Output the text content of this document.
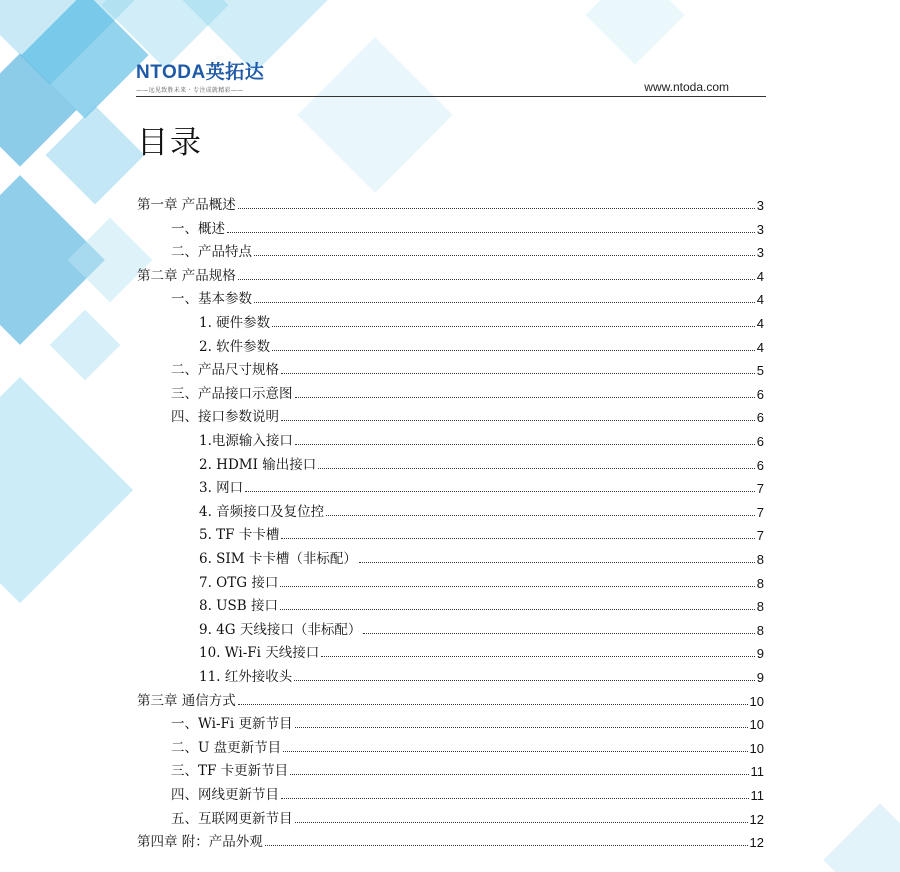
NTODA英拓达
——远见致胜未来 · 专注成就精彩——	www.ntoda.com
目录
第一章 产品概述	3
一、概述	3
二、产品特点	3
第二章 产品规格	4
一、基本参数	4
1. 硬件参数	4
2. 软件参数	4
二、产品尺寸规格	5
三、产品接口示意图	6
四、接口参数说明	6
1.电源输入接口	6
2. HDMI 输出接口	6
3. 网口	7
4. 音频接口及复位控	7
5. TF 卡卡槽	7
6. SIM 卡卡槽（非标配）	8
7. OTG 接口	8
8. USB 接口	8
9. 4G 天线接口（非标配）	8
10. Wi-Fi 天线接口	9
11. 红外接收头	9
第三章 通信方式	10
一、Wi-Fi 更新节目	10
二、U 盘更新节目	10
三、TF 卡更新节目	11
四、网线更新节目	11
五、互联网更新节目	12
第四章 附：产品外观	12
